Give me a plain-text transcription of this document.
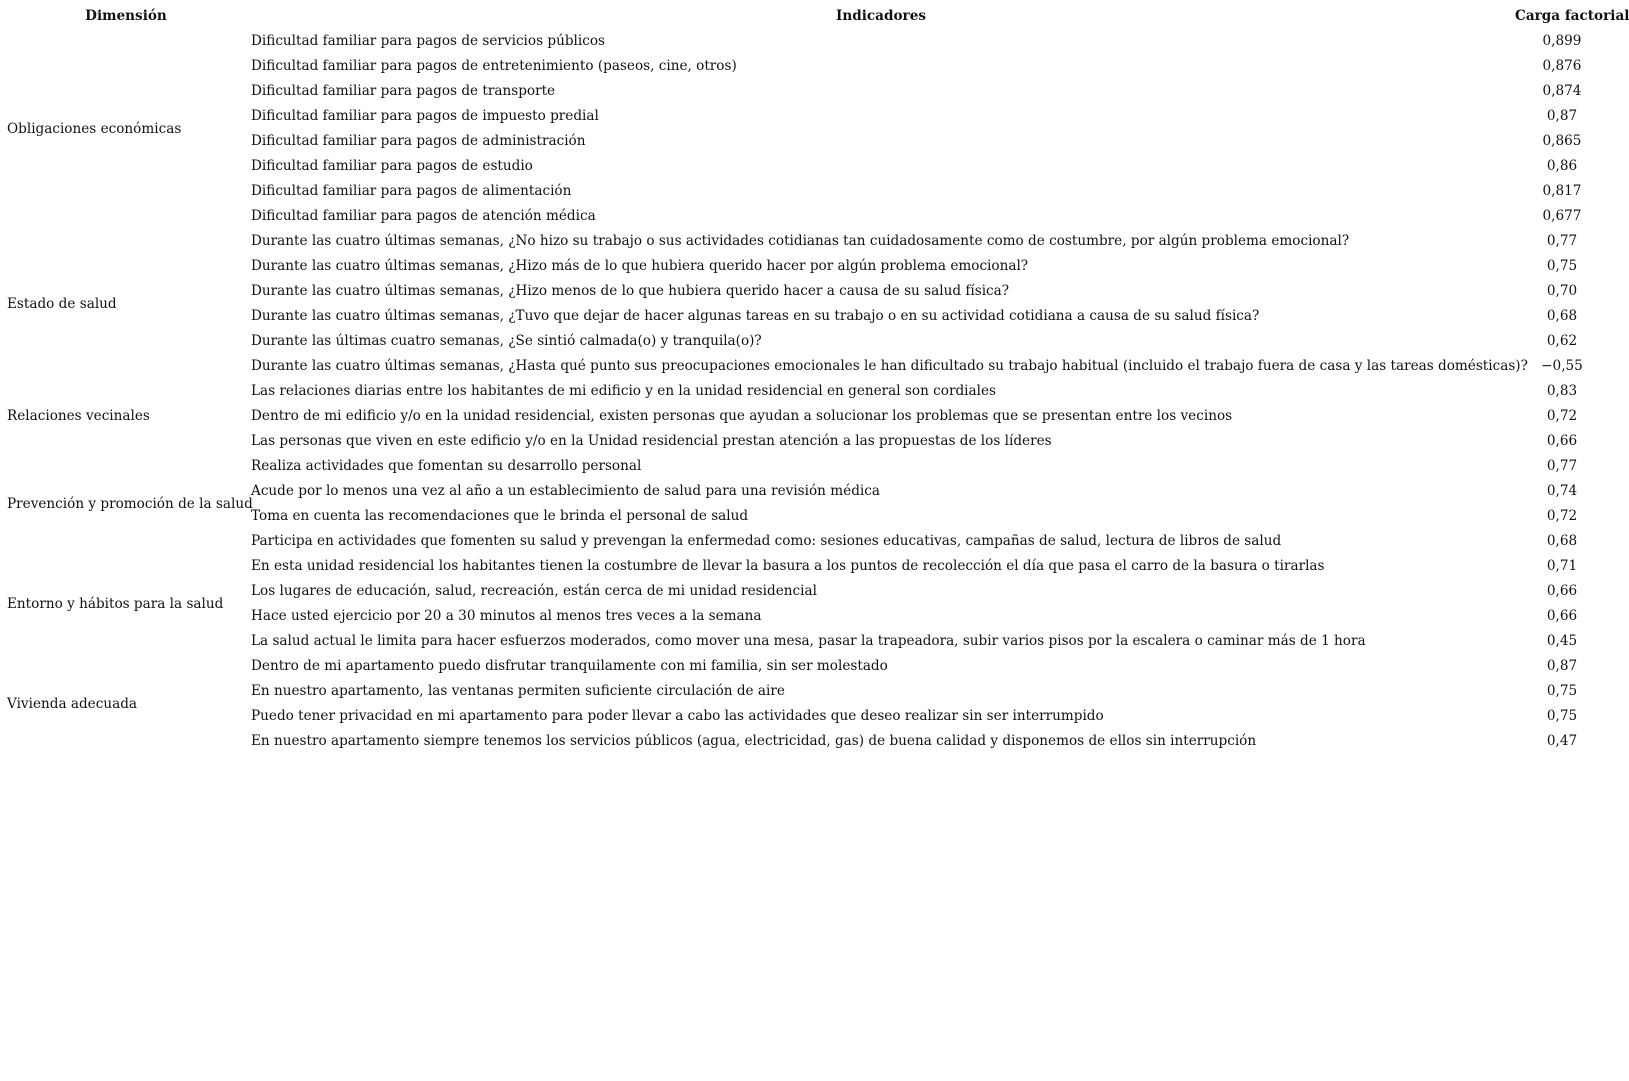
Dimensión	Indicadores	Carga factorial
Obligaciones económicas	Dificultad familiar para pagos de servicios públicos	0,899
	Dificultad familiar para pagos de entretenimiento (paseos, cine, otros)	0,876
	Dificultad familiar para pagos de transporte	0,874
	Dificultad familiar para pagos de impuesto predial	0,87
	Dificultad familiar para pagos de administración	0,865
	Dificultad familiar para pagos de estudio	0,86
	Dificultad familiar para pagos de alimentación	0,817
	Dificultad familiar para pagos de atención médica	0,677
Estado de salud	Durante las cuatro últimas semanas, ¿No hizo su trabajo o sus actividades cotidianas tan cuidadosamente como de costumbre, por algún problema emocional?	0,77
	Durante las cuatro últimas semanas, ¿Hizo más de lo que hubiera querido hacer por algún problema emocional?	0,75
	Durante las cuatro últimas semanas, ¿Hizo menos de lo que hubiera querido hacer a causa de su salud física?	0,70
	Durante las cuatro últimas semanas, ¿Tuvo que dejar de hacer algunas tareas en su trabajo o en su actividad cotidiana a causa de su salud física?	0,68
	Durante las últimas cuatro semanas, ¿Se sintió calmada(o) y tranquila(o)?	0,62
	Durante las cuatro últimas semanas, ¿Hasta qué punto sus preocupaciones emocionales le han dificultado su trabajo habitual (incluido el trabajo fuera de casa y las tareas domésticas)?	−0,55
Relaciones vecinales	Las relaciones diarias entre los habitantes de mi edificio y en la unidad residencial en general son cordiales	0,83
	Dentro de mi edificio y/o en la unidad residencial, existen personas que ayudan a solucionar los problemas que se presentan entre los vecinos	0,72
	Las personas que viven en este edificio y/o en la Unidad residencial prestan atención a las propuestas de los líderes	0,66
Prevención y promoción de la salud	Realiza actividades que fomentan su desarrollo personal	0,77
	Acude por lo menos una vez al año a un establecimiento de salud para una revisión médica	0,74
	Toma en cuenta las recomendaciones que le brinda el personal de salud	0,72
	Participa en actividades que fomenten su salud y prevengan la enfermedad como: sesiones educativas, campañas de salud, lectura de libros de salud	0,68
Entorno y hábitos para la salud	En esta unidad residencial los habitantes tienen la costumbre de llevar la basura a los puntos de recolección el día que pasa el carro de la basura o tirarlas	0,71
	Los lugares de educación, salud, recreación, están cerca de mi unidad residencial	0,66
	Hace usted ejercicio por 20 a 30 minutos al menos tres veces a la semana	0,66
	La salud actual le limita para hacer esfuerzos moderados, como mover una mesa, pasar la trapeadora, subir varios pisos por la escalera o caminar más de 1 hora	0,45
Vivienda adecuada	Dentro de mi apartamento puedo disfrutar tranquilamente con mi familia, sin ser molestado	0,87
	En nuestro apartamento, las ventanas permiten suficiente circulación de aire	0,75
	Puedo tener privacidad en mi apartamento para poder llevar a cabo las actividades que deseo realizar sin ser interrumpido	0,75
	En nuestro apartamento siempre tenemos los servicios públicos (agua, electricidad, gas) de buena calidad y disponemos de ellos sin interrupción	0,47
